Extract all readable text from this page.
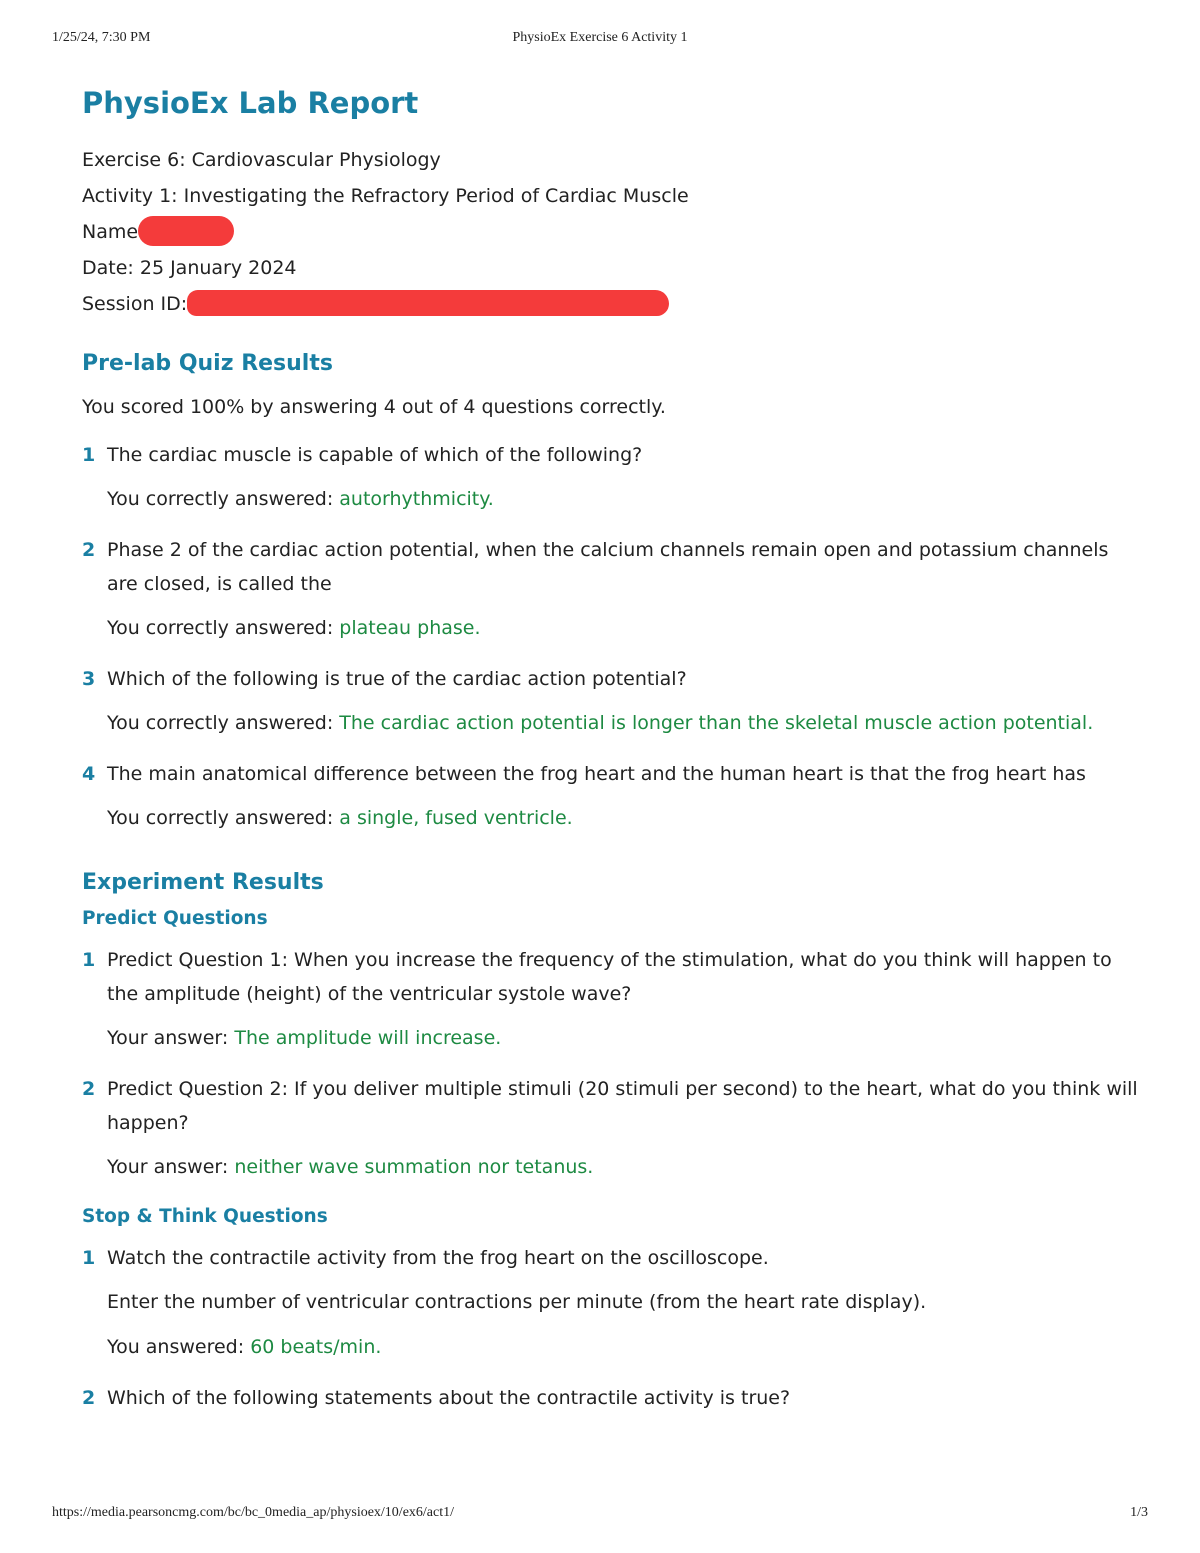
1/25/24, 7:30 PM	PhysioEx Exercise 6 Activity 1
PhysioEx Lab Report
Exercise 6: Cardiovascular Physiology
Activity 1: Investigating the Refractory Period of Cardiac Muscle
Name
Date: 25 January 2024
Session ID:
Pre-lab Quiz Results
You scored 100% by answering 4 out of 4 questions correctly.
1 The cardiac muscle is capable of which of the following?
You correctly answered: autorhythmicity.
2 Phase 2 of the cardiac action potential, when the calcium channels remain open and potassium channels are closed, is called the
You correctly answered: plateau phase.
3 Which of the following is true of the cardiac action potential?
You correctly answered: The cardiac action potential is longer than the skeletal muscle action potential.
4 The main anatomical difference between the frog heart and the human heart is that the frog heart has
You correctly answered: a single, fused ventricle.
Experiment Results
Predict Questions
1 Predict Question 1: When you increase the frequency of the stimulation, what do you think will happen to the amplitude (height) of the ventricular systole wave?
Your answer: The amplitude will increase.
2 Predict Question 2: If you deliver multiple stimuli (20 stimuli per second) to the heart, what do you think will happen?
Your answer: neither wave summation nor tetanus.
Stop & Think Questions
1 Watch the contractile activity from the frog heart on the oscilloscope.
Enter the number of ventricular contractions per minute (from the heart rate display).
You answered: 60 beats/min.
2 Which of the following statements about the contractile activity is true?
https://media.pearsoncmg.com/bc/bc_0media_ap/physioex/10/ex6/act1/	1/3
